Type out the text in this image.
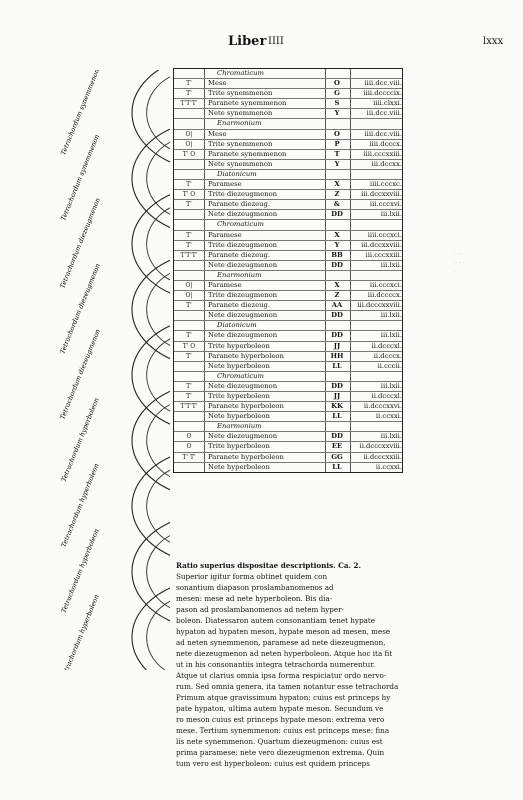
Liber IIII	lxxx
Tetrachordum synemmenon
Tetrachordum synemmenon
Tetrachordum diezeugmenon
Tetrachordum diezeugmenon
Tetrachordum diezeugmenon
Tetrachordum hyperboleon
Tetrachordum hyperboleon
Tetrachordum hyperboleon
Tetrachordum hyperboleon
Chromaticum
T'	Mese	O	iiii.dcc.viii.
T'	Trite synemmenon	G	iiii.dccccix.
T'T'T'	Paranete synemmenon	S	iiii.clxxi.
Nete synemmenon	Y	iii.dcc.viii.
Enarmonium
O|	Mese	O	iiii.dcc.viii.
O|	Trite synemmenon	P	iiii.dcccx.
T' O	Paranete synemmenon	T	iiii.cccxxiii.
Nete synemmenon	Y	iii.dccxx.
Diatonicum
T'	Paramese	X	iiii.cccxc.
T' O	Trite diezeugmenon	Z	iii.dccxxviii.
T'	Paranete diezeug.	&	iii.cccxvi.
Nete diezeugmenon	DD	iii.lxii.
Chromaticum
T'	Paramese	X	iiii.cccxci.
T'	Trite diezeugmenon	Y	iii.dccxxviii.
T'T'T'	Paranete diezeug.	BB	iii.cccxxiii.
Nete diezeugmenon	DD	iii.lxii.
Enarmonium
O|	Paramese	X	iii.cccxci.
O|	Trite diezeugmenon	Z	iii.dccccx.
T'	Paranete diezeug.	AA	iii.dcccxxviii.
Nete diezeugmenon	DD	iii.lxii.
Diatonicum
T'	Nete diezeugmenon	DD	iii.lxii.
T' O	Trite hyperboleon	JJ	ii.dcccxl.
T'	Paranete hyperboleon	HH	ii.dcccx.
Nete hyperboleon	LL	ii.cccii.
Chromaticum
T'	Nete diezeugmenon	DD	iii.lxii.
T'	Trite hyperboleon	JJ	ii.dcccxl.
T'T'T'	Paranete hyperboleon	KK	ii.dcccxxvi.
Nete hyperboleon	LL	ii.ccxxi.
Enarmonium
O	Nete diezeugmenon	DD	iii.lxii.
O	Trite hyperboleon	EE	ii.dcccxxviii.
T' T'	Paranete hyperboleon	GG	ii.dcccxxiii.
Nete hyperboleon	LL	ii.ccxxi.

Ratio superius dispositae descriptionis. Ca. 2.

Superior igitur forma obtinet quidem con

sonantium diapason proslambanomenos ad

mesen: mese ad nete hyperboleon. Bis dia-

pason ad proslambanomenos ad netem hyper-

boleon. Diatessaron autem consonantiam tenet hypate

hypaton ad hypaten meson, hypate meson ad mesen, mese

ad neten synemmenon, paramese ad nete diezeugmenon,

nete diezeugmenon ad neten hyperboleon. Atque hoc ita fit

ut in his consonantiis integra tetrachorda numerentur.

Atque ut clarius omnia ipsa forma respiciatur ordo nervo-

rum. Sed omnia genera, ita tamen notantur esse tetrachorda

Primum atque gravissimum hypaton: cuius est princeps hy

pate hypaton, ultima autem hypate meson. Secundum ve

ro meson cuius est princeps hypate meson: extrema vero

mese. Tertium synemmenon: cuius est princeps mese: fina

lis nete synemmenon. Quartum diezeugmenon: cuius est

prima paramese: nete vero diezeugmenon extrema. Quin

tum vero est hyperboleon: cuius est quidem princeps

· ·
· · ·
·
